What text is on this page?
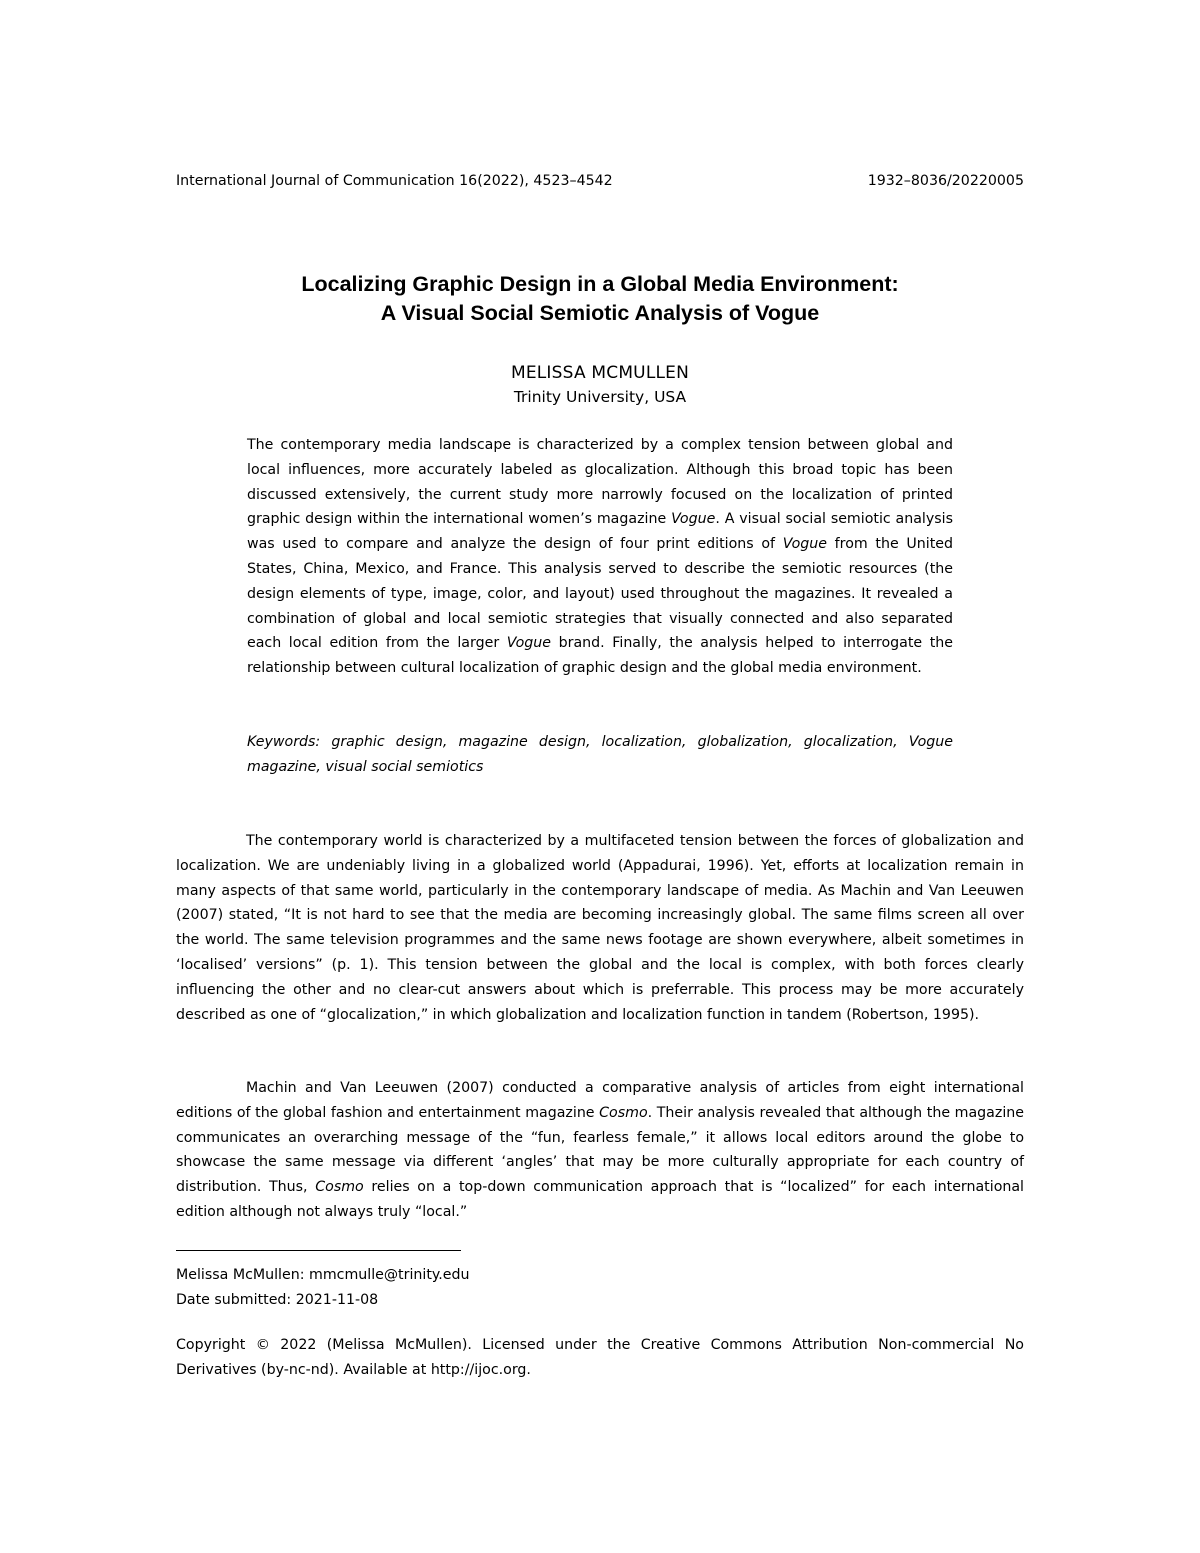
International Journal of Communication 16(2022), 4523–4542	1932–8036/20220005
Localizing Graphic Design in a Global Media Environment:
A Visual Social Semiotic Analysis of Vogue
MELISSA MCMULLEN
Trinity University, USA
The contemporary media landscape is characterized by a complex tension between global and local influences, more accurately labeled as glocalization. Although this broad topic has been discussed extensively, the current study more narrowly focused on the localization of printed graphic design within the international women’s magazine Vogue. A visual social semiotic analysis was used to compare and analyze the design of four print editions of Vogue from the United States, China, Mexico, and France. This analysis served to describe the semiotic resources (the design elements of type, image, color, and layout) used throughout the magazines. It revealed a combination of global and local semiotic strategies that visually connected and also separated each local edition from the larger Vogue brand. Finally, the analysis helped to interrogate the relationship between cultural localization of graphic design and the global media environment.
Keywords: graphic design, magazine design, localization, globalization, glocalization, Vogue magazine, visual social semiotics
The contemporary world is characterized by a multifaceted tension between the forces of globalization and localization. We are undeniably living in a globalized world (Appadurai, 1996). Yet, efforts at localization remain in many aspects of that same world, particularly in the contemporary landscape of media. As Machin and Van Leeuwen (2007) stated, “It is not hard to see that the media are becoming increasingly global. The same films screen all over the world. The same television programmes and the same news footage are shown everywhere, albeit sometimes in ‘localised’ versions” (p. 1). This tension between the global and the local is complex, with both forces clearly influencing the other and no clear-cut answers about which is preferrable. This process may be more accurately described as one of “glocalization,” in which globalization and localization function in tandem (Robertson, 1995).
Machin and Van Leeuwen (2007) conducted a comparative analysis of articles from eight international editions of the global fashion and entertainment magazine Cosmo. Their analysis revealed that although the magazine communicates an overarching message of the “fun, fearless female,” it allows local editors around the globe to showcase the same message via different ‘angles’ that may be more culturally appropriate for each country of distribution. Thus, Cosmo relies on a top-down communication approach that is “localized” for each international edition although not always truly “local.”
Melissa McMullen: mmcmulle@trinity.edu
Date submitted: 2021-11-08
Copyright © 2022 (Melissa McMullen). Licensed under the Creative Commons Attribution Non-commercial No Derivatives (by-nc-nd). Available at http://ijoc.org.
